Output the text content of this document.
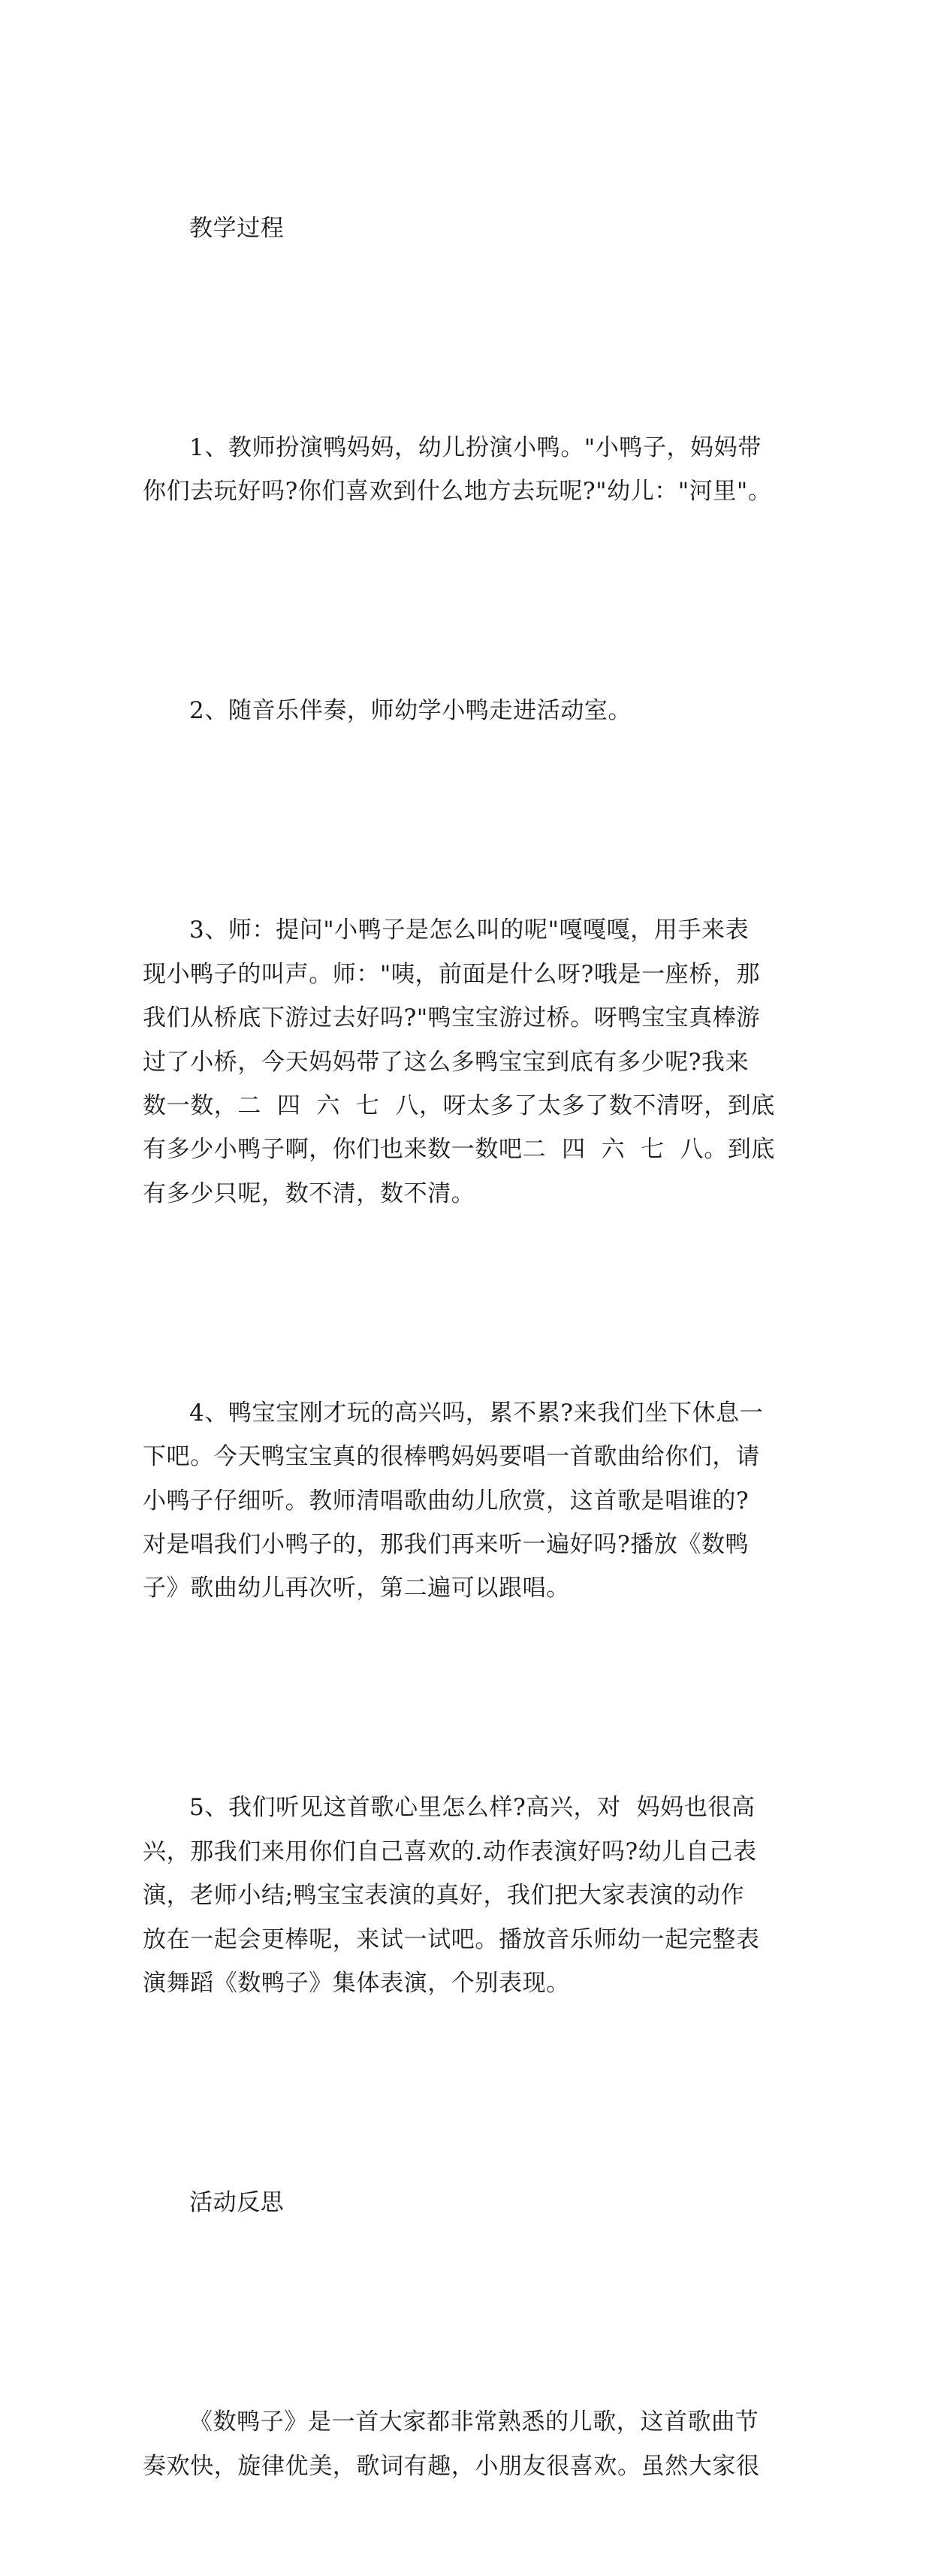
教学过程

1、教师扮演鸭妈妈，幼儿扮演小鸭。"小鸭子，妈妈带
你们去玩好吗?你们喜欢到什么地方去玩呢?"幼儿："河里"。

2、随音乐伴奏，师幼学小鸭走进活动室。

3、师：提问"小鸭子是怎么叫的呢"嘎嘎嘎，用手来表
现小鸭子的叫声。师："咦，前面是什么呀?哦是一座桥，那
我们从桥底下游过去好吗?"鸭宝宝游过桥。呀鸭宝宝真棒游
过了小桥，今天妈妈带了这么多鸭宝宝到底有多少呢?我来
数一数，二  四  六  七  八，呀太多了太多了数不清呀，到底
有多少小鸭子啊，你们也来数一数吧二  四  六  七  八。到底
有多少只呢，数不清，数不清。

4、鸭宝宝刚才玩的高兴吗，累不累?来我们坐下休息一
下吧。今天鸭宝宝真的很棒鸭妈妈要唱一首歌曲给你们，请
小鸭子仔细听。教师清唱歌曲幼儿欣赏，这首歌是唱谁的?
对是唱我们小鸭子的，那我们再来听一遍好吗?播放《数鸭
子》歌曲幼儿再次听，第二遍可以跟唱。

5、我们听见这首歌心里怎么样?高兴，对  妈妈也很高
兴，那我们来用你们自己喜欢的.动作表演好吗?幼儿自己表
演，老师小结;鸭宝宝表演的真好，我们把大家表演的动作
放在一起会更棒呢，来试一试吧。播放音乐师幼一起完整表
演舞蹈《数鸭子》集体表演，个别表现。

活动反思

《数鸭子》是一首大家都非常熟悉的儿歌，这首歌曲节
奏欢快，旋律优美，歌词有趣，小朋友很喜欢。虽然大家很
